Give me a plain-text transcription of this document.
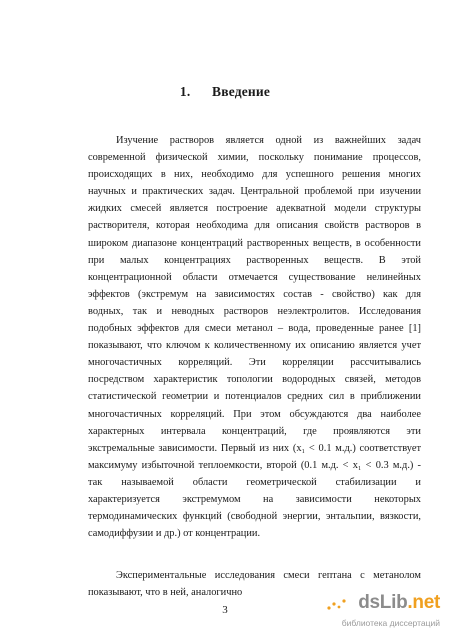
1. Введение
Изучение растворов является одной из важнейших задач
современной физической химии, поскольку понимание процессов,
происходящих в них, необходимо для успешного решения многих
научных и практических задач. Центральной проблемой при изучении
жидких смесей является построение адекватной модели структуры
растворителя, которая необходима для описания свойств растворов в
широком диапазоне концентраций растворенных веществ, в особенности
при малых концентрациях растворенных веществ. В этой
концентрационной области отмечается существование нелинейных
эффектов (экстремум на зависимостях состав - свойство) как для
водных, так и неводных растворов неэлектролитов. Исследования
подобных эффектов для смеси метанол – вода, проведенные ранее [1]
показывают, что ключом к количественному их описанию является учет
многочастичных корреляций. Эти корреляции рассчитывались
посредством характеристик топологии водородных связей, методов
статистической геометрии и потенциалов средних сил в приближении
многочастичных корреляций. При этом обсуждаются два наиболее
характерных интервала концентраций, где проявляются эти
экстремальные зависимости. Первый из них (x₁ < 0.1 м.д.) соответствует
максимуму избыточной теплоемкости, второй (0.1 м.д. < x₁ < 0.3 м.д.) -
так называемой области геометрической стабилизации и
характеризуется экстремумом на зависимости некоторых
термодинамических функций (свободной энергии, энтальпии, вязкости,
самодиффузии и др.) от концентрации.
Экспериментальные исследования смеси гептана с метанолом
показывают, что в ней, аналогично
3	dsLib.net
библиотека диссертаций
